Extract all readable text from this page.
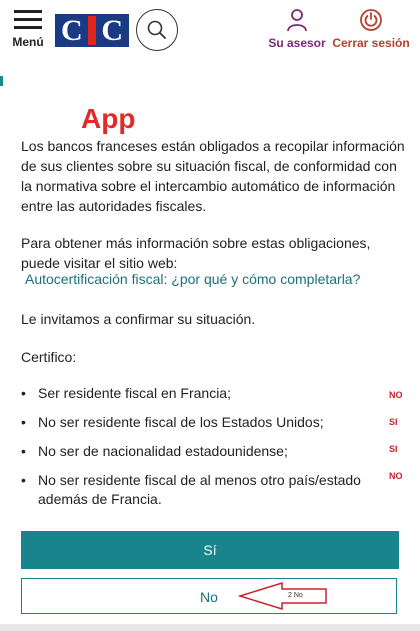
Menú C C	Su asesor Cerrar sesión
App

Los bancos franceses están obligados a recopilar información de sus clientes sobre su situación fiscal, de conformidad con la normativa sobre el intercambio automático de información entre las autoridades fiscales.

Para obtener más información sobre estas obligaciones, puede visitar el sitio web:

Autocertificación fiscal: ¿por qué y cómo completarla?

Le invitamos a confirmar su situación.

Certifico:

• Ser residente fiscal en Francia;
• No ser residente fiscal de los Estados Unidos;
• No ser de nacionalidad estadounidense;
• No ser residente fiscal de al menos otro país/estado además de Francia.
NO
SI
SI
NO
Sí
No	2 No
